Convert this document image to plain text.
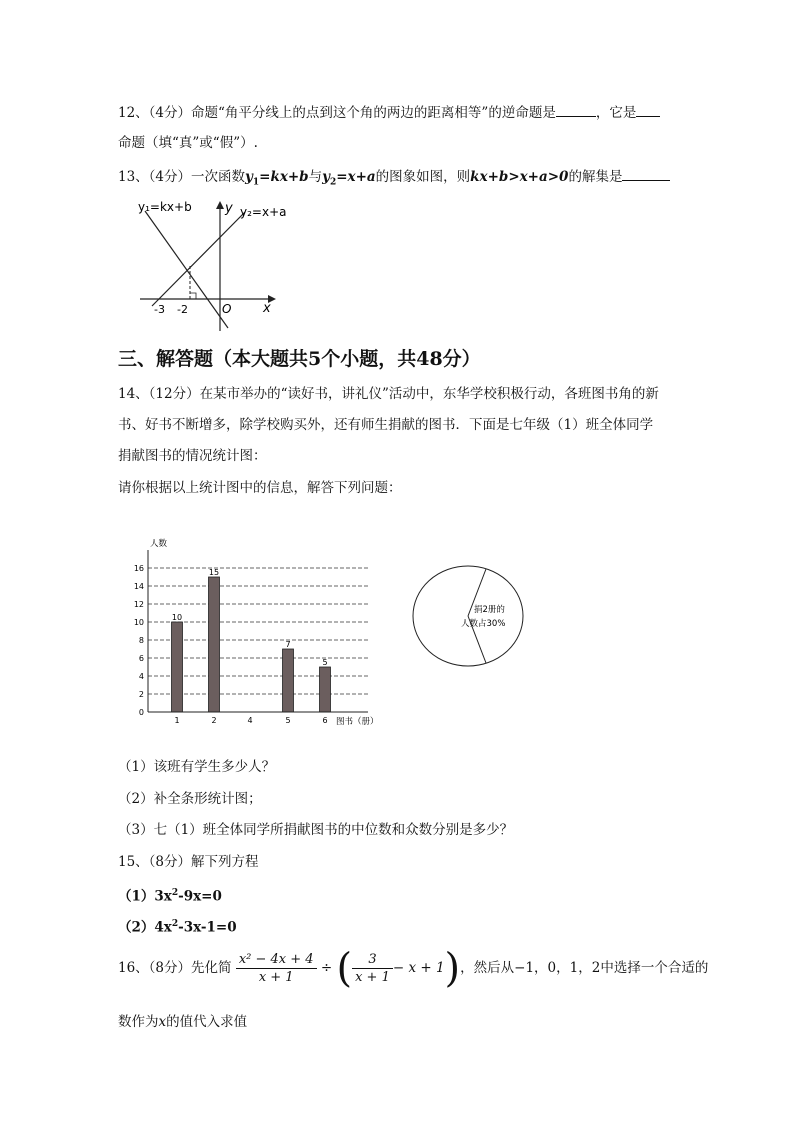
12、（4分）命题“角平分线上的点到这个角的两边的距离相等”的逆命题是	，它是
命题（填“真”或“假”）.
13、（4分）一次函数$y_1=kx+b$与$y_2=x+a$的图象如图，则kx+b>x+a>0的解集是
y₁=kx+b	y₂=x+a
y
x
O
-3 -2
三、解答题（本大题共5个小题，共48分）
14、（12分）在某市举办的“读好书，讲礼仪”活动中，东华学校积极行动，各班图书角的新
书、好书不断增多，除学校购买外，还有师生捐献的图书．下面是七年级（1）班全体同学
捐献图书的情况统计图：
请你根据以上统计图中的信息，解答下列问题：
0
2
4
6
8
10
12
14
16
1
10
2
15
4	5
7
6
5
人数
图书（册）
捐2册的
人数占30%
（1）该班有学生多少人？
（2）补全条形统计图；
（3）七（1）班全体同学所捐献图书的中位数和众数分别是多少？
15、（8分）解下列方程
$(1)3x^2-9x=0$
$(2)4x^2-3x-1=0$
16、（8分）先化简 $\frac{\text{x² − 4x + 4}}{x + 1}$ ÷ ( $\frac{3}{x + 1} - x + 1$)，然后从−1，0，1，2中选择一个合适的
数作为x的值代入求值
